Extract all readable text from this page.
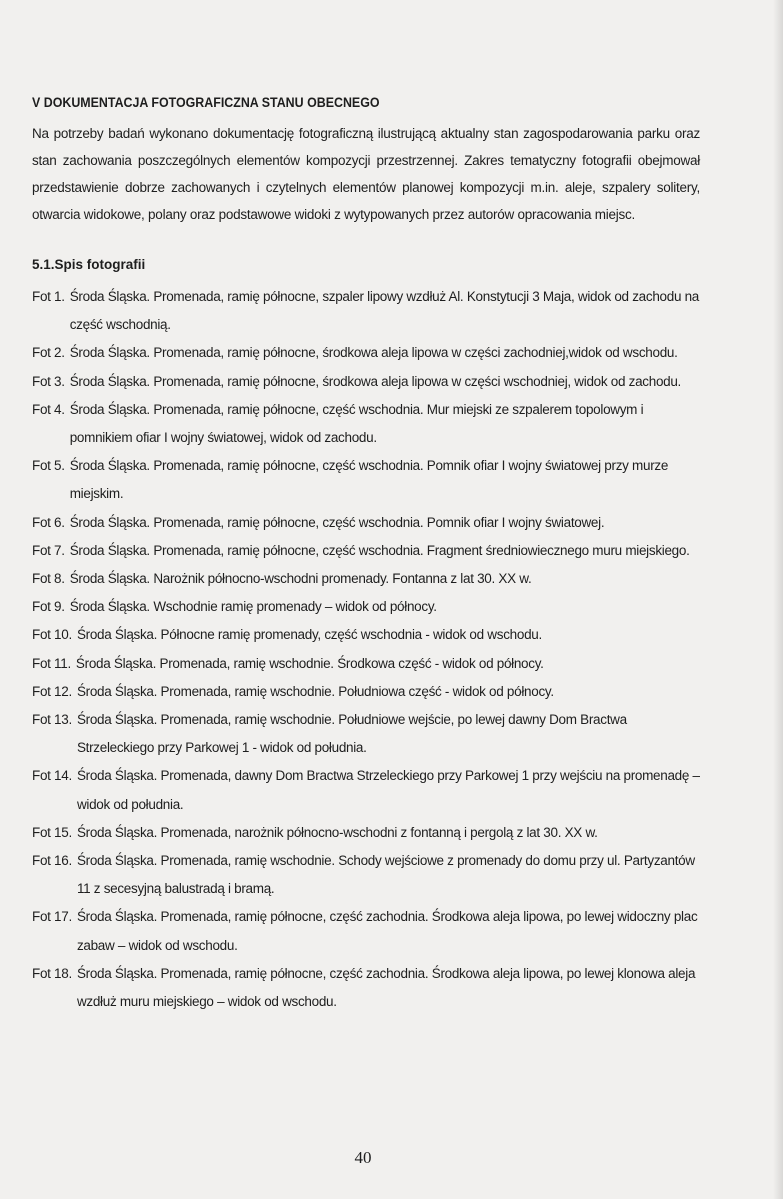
V DOKUMENTACJA FOTOGRAFICZNA STANU OBECNEGO

Na potrzeby badań wykonano dokumentację fotograficzną ilustrującą aktualny stan zagospodarowania parku oraz stan zachowania poszczególnych elementów kompozycji przestrzennej. Zakres tematyczny fotografii obejmował przedstawienie dobrze zachowanych i czytelnych elementów planowej kompozycji m.in. aleje, szpalery solitery, otwarcia widokowe, polany oraz podstawowe widoki z wytypowanych przez autorów opracowania miejsc.

5.1.Spis fotografii
Fot 1. Środa Śląska. Promenada, ramię północne, szpaler lipowy wzdłuż Al. Konstytucji 3 Maja, widok od zachodu na część wschodnią.
Fot 2. Środa Śląska. Promenada, ramię północne, środkowa aleja lipowa w części zachodniej,widok od wschodu.
Fot 3. Środa Śląska. Promenada, ramię północne, środkowa aleja lipowa w części wschodniej, widok od zachodu.
Fot 4. Środa Śląska. Promenada, ramię północne, część wschodnia. Mur miejski ze szpalerem topolowym i pomnikiem ofiar I wojny światowej, widok od zachodu.
Fot 5. Środa Śląska. Promenada, ramię północne, część wschodnia. Pomnik ofiar I wojny światowej przy murze miejskim.
Fot 6. Środa Śląska. Promenada, ramię północne, część wschodnia. Pomnik ofiar I wojny światowej.
Fot 7. Środa Śląska. Promenada, ramię północne, część wschodnia. Fragment średniowiecznego muru miejskiego.
Fot 8. Środa Śląska. Narożnik północno-wschodni promenady. Fontanna z lat 30. XX w.
Fot 9. Środa Śląska. Wschodnie ramię promenady – widok od północy.
Fot 10. Środa Śląska. Północne ramię promenady, część wschodnia - widok od wschodu.
Fot 11. Środa Śląska. Promenada, ramię wschodnie. Środkowa część - widok od północy.
Fot 12. Środa Śląska. Promenada, ramię wschodnie. Południowa część - widok od północy.
Fot 13. Środa Śląska. Promenada, ramię wschodnie. Południowe wejście, po lewej dawny Dom Bractwa Strzeleckiego przy Parkowej 1 - widok od południa.
Fot 14. Środa Śląska. Promenada, dawny Dom Bractwa Strzeleckiego przy Parkowej 1 przy wejściu na promenadę – widok od południa.
Fot 15. Środa Śląska. Promenada, narożnik północno-wschodni z fontanną i pergolą z lat 30. XX w.
Fot 16. Środa Śląska. Promenada, ramię wschodnie. Schody wejściowe z promenady do domu przy ul. Partyzantów 11 z secesyjną balustradą i bramą.
Fot 17. Środa Śląska. Promenada, ramię północne, część zachodnia. Środkowa aleja lipowa, po lewej widoczny plac zabaw – widok od wschodu.
Fot 18. Środa Śląska. Promenada, ramię północne, część zachodnia. Środkowa aleja lipowa, po lewej klonowa aleja wzdłuż muru miejskiego – widok od wschodu.
40
